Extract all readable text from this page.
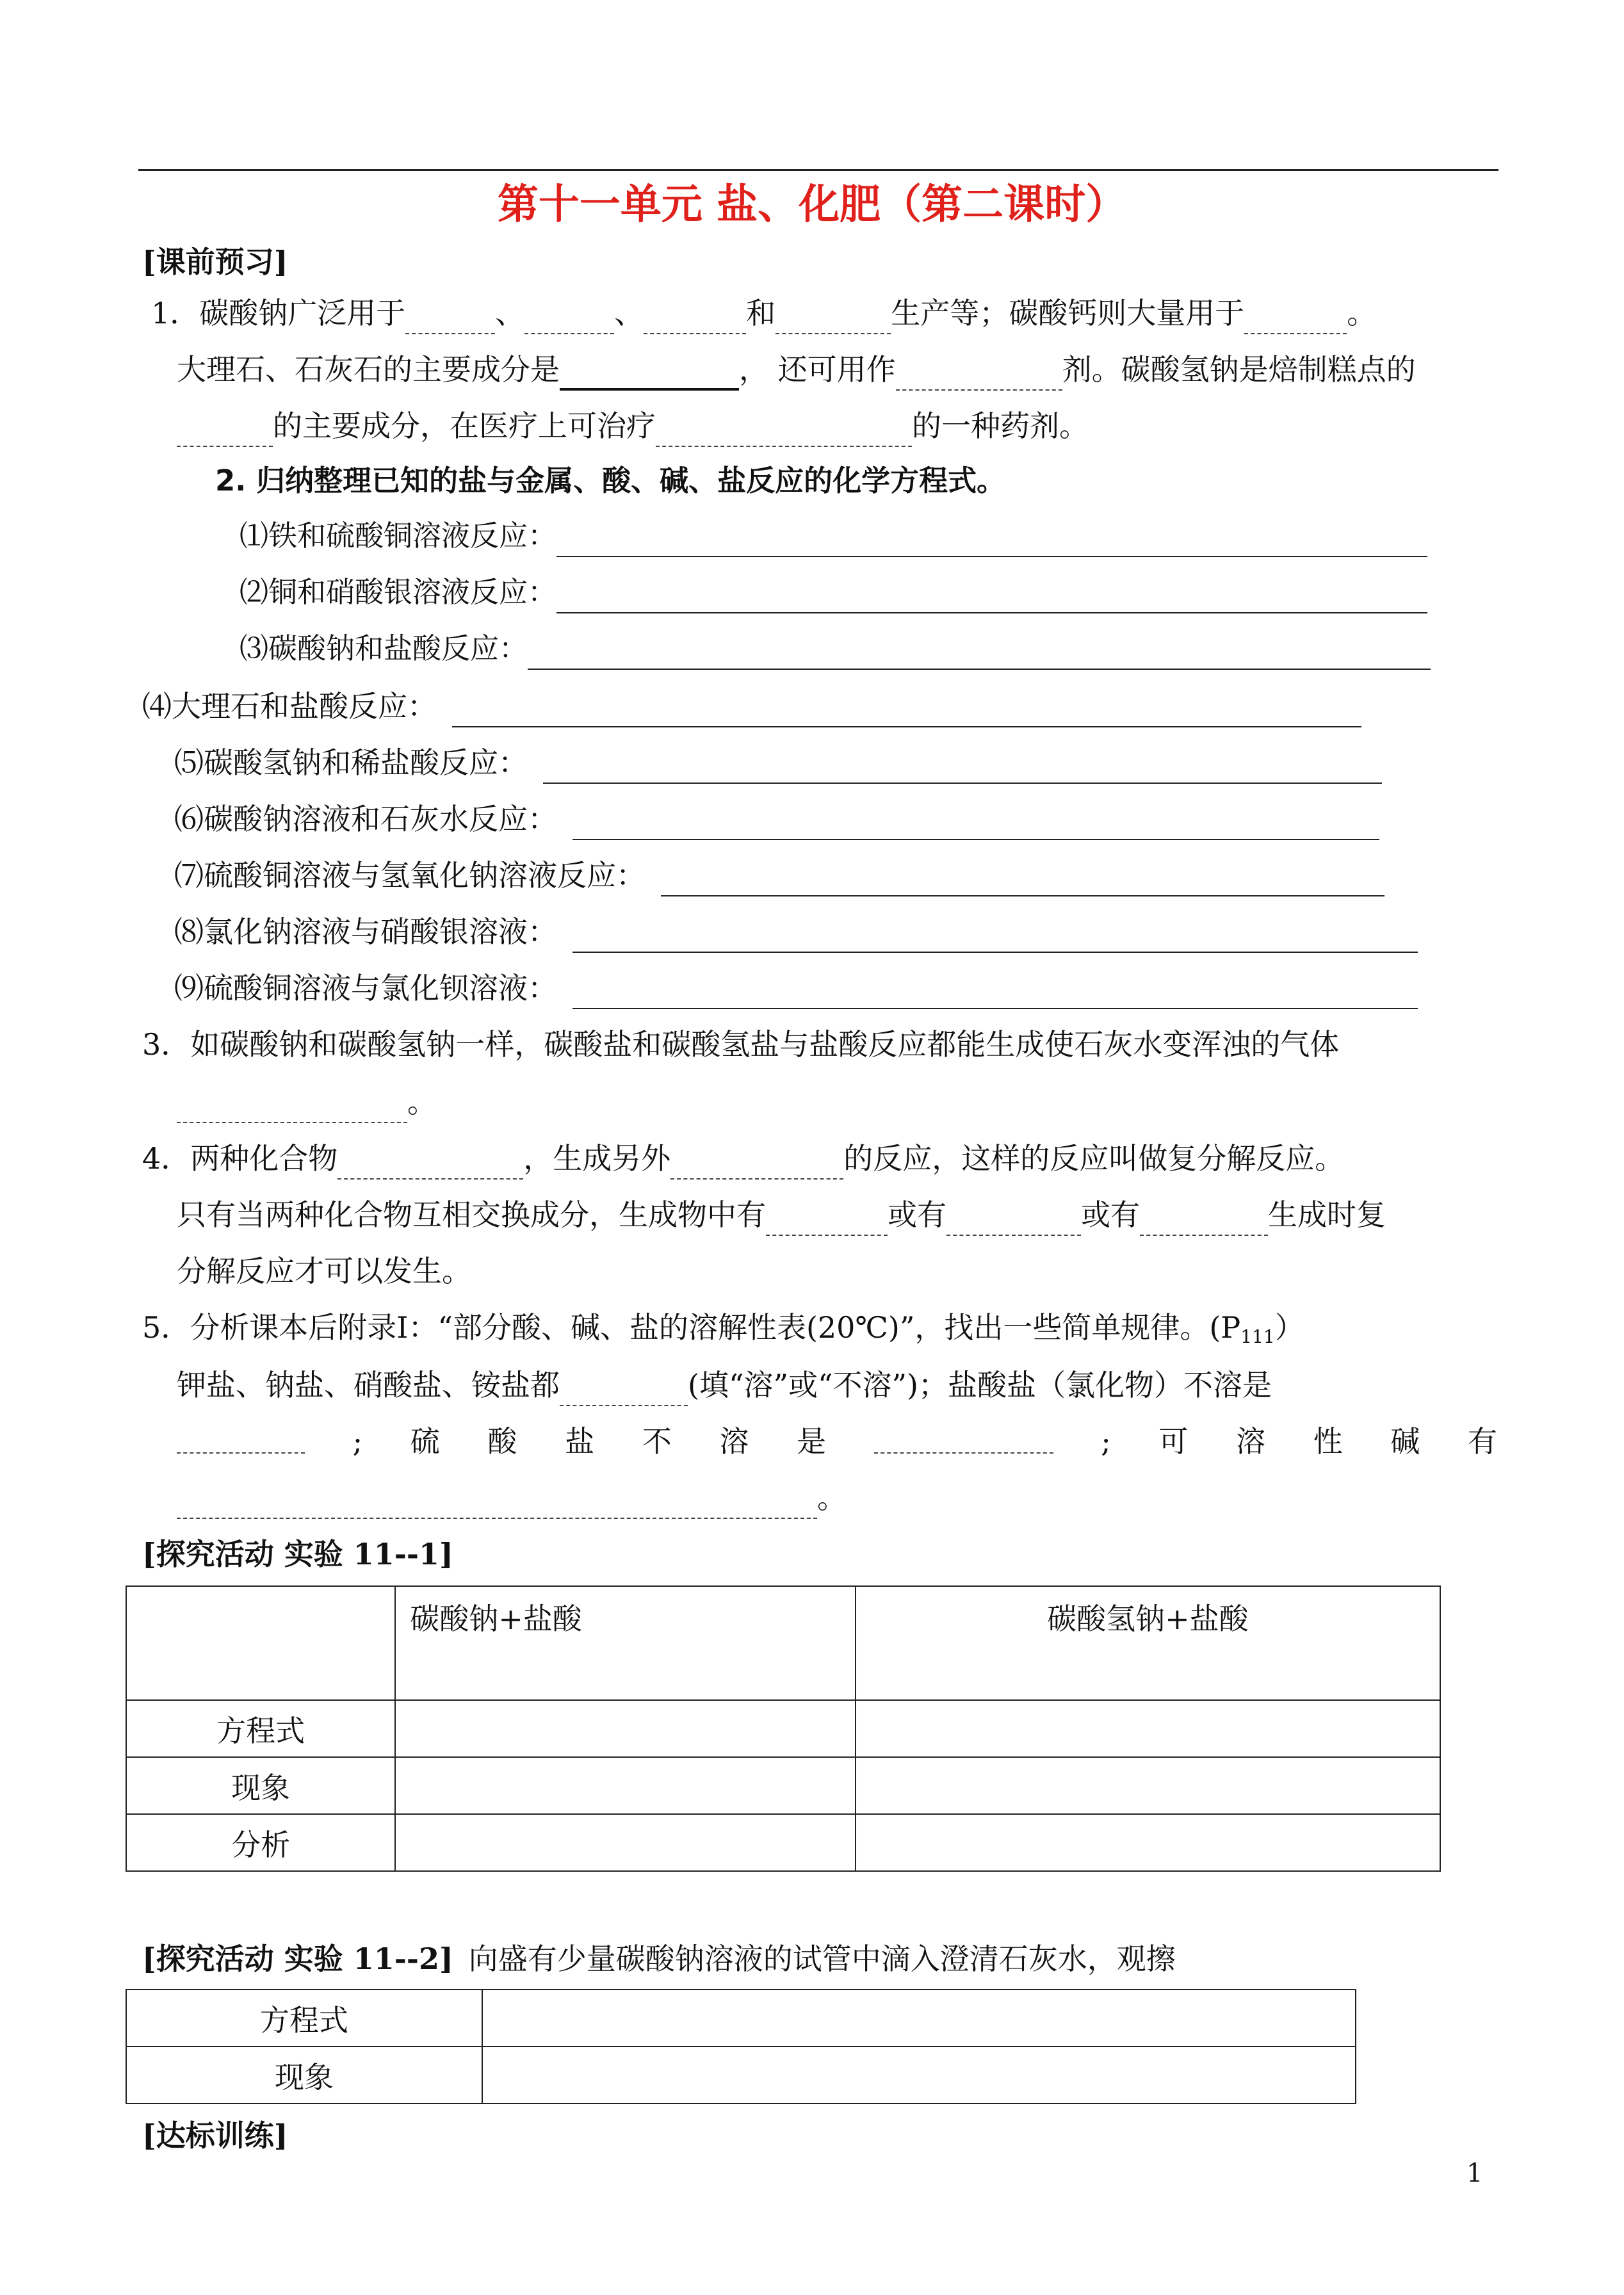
第十一单元 盐、化肥（第二课时）
[课前预习]
1．碳酸钠广泛用于	、	、	和	生产等；碳酸钙则大量用于	。
大理石、石灰石的主要成分是	， 还可用作	剂。碳酸氢钠是焙制糕点的
的主要成分，在医疗上可治疗	的一种药剂。
2. 归纳整理已知的盐与金属、酸、碱、盐反应的化学方程式。
⑴铁和硫酸铜溶液反应：
⑵铜和硝酸银溶液反应：
⑶碳酸钠和盐酸反应：
⑷大理石和盐酸反应：
⑸碳酸氢钠和稀盐酸反应：
⑹碳酸钠溶液和石灰水反应：
⑺硫酸铜溶液与氢氧化钠溶液反应：
⑻氯化钠溶液与硝酸银溶液：
⑼硫酸铜溶液与氯化钡溶液：
3．如碳酸钠和碳酸氢钠一样，碳酸盐和碳酸氢盐与盐酸反应都能生成使石灰水变浑浊的气体
。
4．两种化合物	，生成另外	的反应，这样的反应叫做复分解反应。
只有当两种化合物互相交换成分，生成物中有	或有	或有	生成时复
分解反应才可以发生。
5．分析课本后附录Ⅰ：“部分酸、碱、盐的溶解性表(20℃)”，找出一些简单规律。$(P_{111})$
钾盐、钠盐、硝酸盐、铵盐都	(填“溶”或“不溶”)；盐酸盐（氯化物）不溶是
; 硫 酸 盐 不 溶 是	; 可 溶 性 碱 有
。
[探究活动 实验 11--1]
	碳酸钠+盐酸	碳酸氢钠+盐酸
方程式		
现象		
分析		
[探究活动 实验 11--2] 向盛有少量碳酸钠溶液的试管中滴入澄清石灰水，观擦
方程式	
现象	
[达标训练]
1
